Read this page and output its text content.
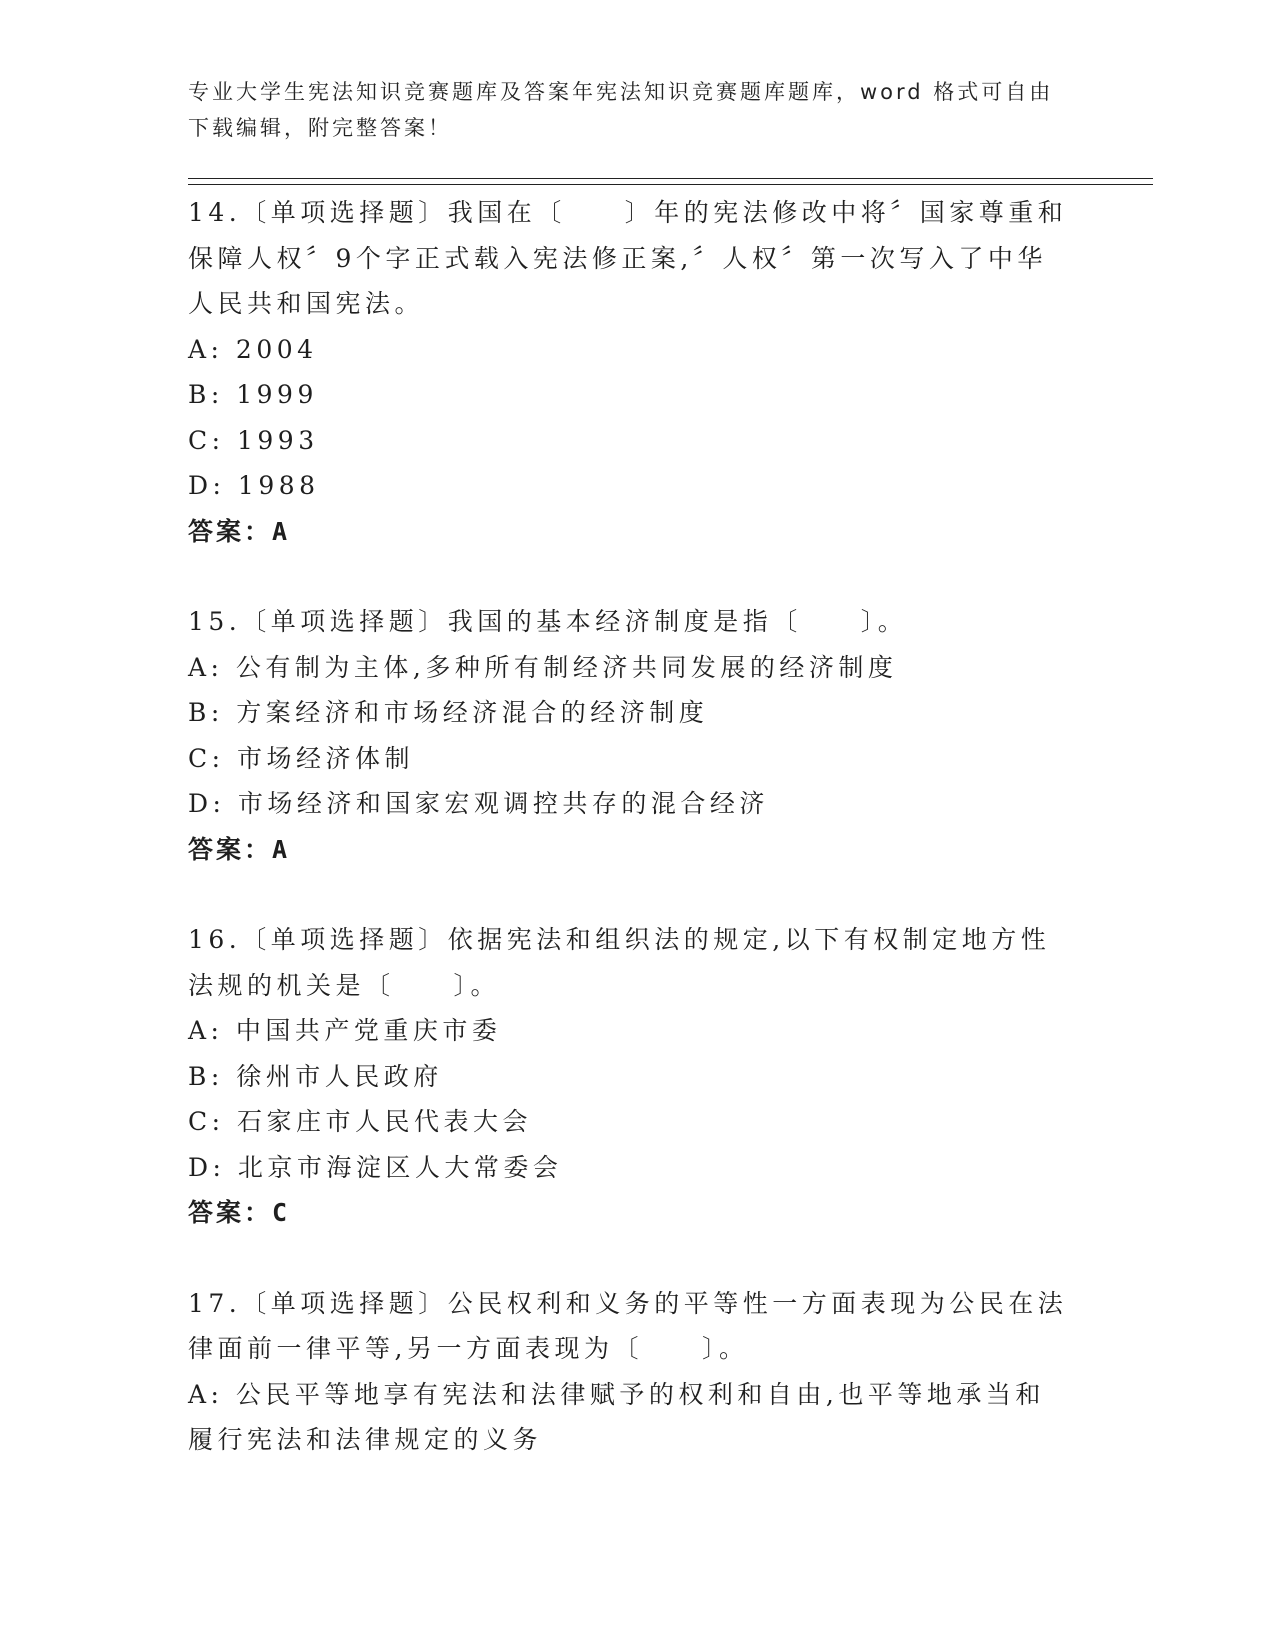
专业大学生宪法知识竞赛题库及答案年宪法知识竞赛题库题库，word 格式可自由下载编辑，附完整答案！

14.〔单项选择题〕我国在〔　　〕年的宪法修改中将〞国家尊重和保障人权〞9个字正式载入宪法修正案,〞人权〞第一次写入了中华人民共和国宪法。

A: 2004

B: 1999

C: 1993

D: 1988

答案：A

15.〔单项选择题〕我国的基本经济制度是指〔　　〕。

A: 公有制为主体,多种所有制经济共同发展的经济制度

B: 方案经济和市场经济混合的经济制度

C: 市场经济体制

D: 市场经济和国家宏观调控共存的混合经济

答案：A

16.〔单项选择题〕依据宪法和组织法的规定,以下有权制定地方性法规的机关是〔　　〕。

A: 中国共产党重庆市委

B: 徐州市人民政府

C: 石家庄市人民代表大会

D: 北京市海淀区人大常委会

答案：C

17.〔单项选择题〕公民权利和义务的平等性一方面表现为公民在法律面前一律平等,另一方面表现为〔　　〕。

A: 公民平等地享有宪法和法律赋予的权利和自由,也平等地承当和履行宪法和法律规定的义务
